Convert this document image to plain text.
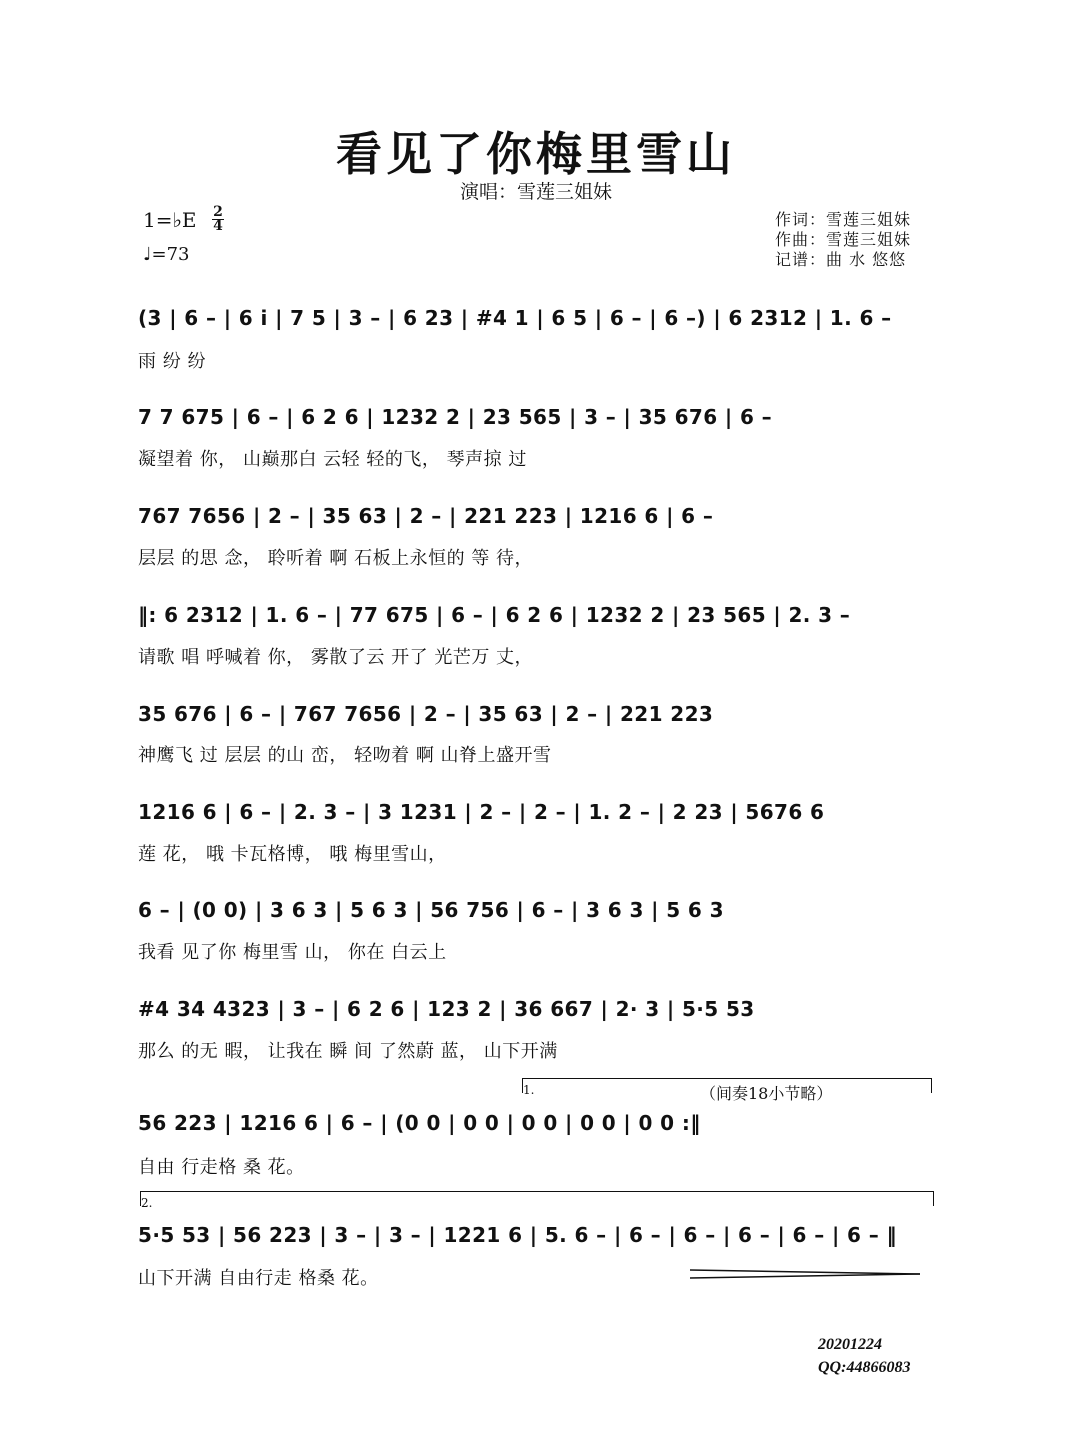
看见了你梅里雪山
演唱：雪莲三姐妹
1=♭E 2
4
♩=73
作词：雪莲三姐妹
作曲：雪莲三姐妹
记谱：曲 水 悠悠
(3 | 6 – | 6 i | 7 5 | 3 – | 6 23 | #4 1 | 6 5 | 6 – | 6 –) | 6 2312 | 1. 6 –
雨 纷 纷
7 7 675 | 6 – | 6 2 6 | 1232 2 | 23 565 | 3 – | 35 676 | 6 –
凝望着 你， 山巅那白 云轻 轻的飞， 琴声掠 过
767 7656 | 2 – | 35 63 | 2 – | 221 223 | 1216 6 | 6 –
层层 的思 念， 聆听着 啊 石板上永恒的 等 待，
‖: 6 2312 | 1. 6 – | 77 675 | 6 – | 6 2 6 | 1232 2 | 23 565 | 2. 3 –
请歌 唱 呼喊着 你， 雾散了云 开了 光芒万 丈，
35 676 | 6 – | 767 7656 | 2 – | 35 63 | 2 – | 221 223
神鹰飞 过 层层 的山 峦， 轻吻着 啊 山脊上盛开雪
1216 6 | 6 – | 2. 3 – | 3 1231 | 2 – | 2 – | 1. 2 – | 2 23 | 5676 6
莲 花， 哦 卡瓦格博， 哦 梅里雪山，
6 – | (0 0) | 3 6 3 | 5 6 3 | 56 756 | 6 – | 3 6 3 | 5 6 3
我看 见了你 梅里雪 山， 你在 白云上
#4 34 4323 | 3 – | 6 2 6 | 123 2 | 36 667 | 2· 3 | 5·5 53
那么 的无 暇， 让我在 瞬 间 了然蔚 蓝， 山下开满
1.	（间奏18小节略）
56 223 | 1216 6 | 6 – | (0 0 | 0 0 | 0 0 | 0 0 | 0 0 :‖
自由 行走格 桑 花。
2.
5·5 53 | 56 223 | 3 – | 3 – | 1221 6 | 5. 6 – | 6 – | 6 – | 6 – | 6 – | 6 – ‖
山下开满 自由行走 格桑 花。
20201224
QQ:44866083
